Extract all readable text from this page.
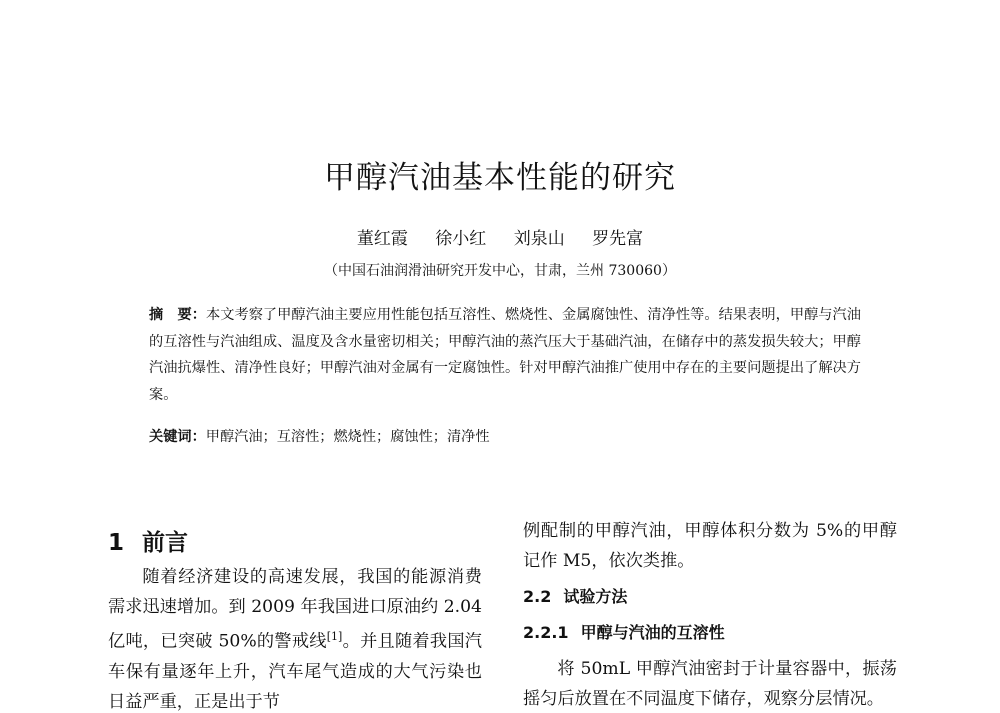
甲醇汽油基本性能的研究
董红霞 徐小红 刘泉山 罗先富
（中国石油润滑油研究开发中心，甘肃，兰州 730060）

摘　要：本文考察了甲醇汽油主要应用性能包括互溶性、燃烧性、金属腐蚀性、清净性等。结果表明，甲醇与汽油的互溶性与汽油组成、温度及含水量密切相关；甲醇汽油的蒸汽压大于基础汽油，在储存中的蒸发损失较大；甲醇汽油抗爆性、清净性良好；甲醇汽油对金属有一定腐蚀性。针对甲醇汽油推广使用中存在的主要问题提出了解决方案。

关键词：甲醇汽油；互溶性；燃烧性；腐蚀性；清净性
1 前言

随着经济建设的高速发展，我国的能源消费需求迅速增加。到 2009 年我国进口原油约 2.04 亿吨，已突破 50%的警戒线[1]。并且随着我国汽车保有量逐年上升，汽车尾气造成的大气污染也日益严重，正是出于节

例配制的甲醇汽油，甲醇体积分数为 5%的甲醇记作 M5，依次类推。

2.2 试验方法

2.2.1 甲醇与汽油的互溶性

将 50mL 甲醇汽油密封于计量容器中，振荡摇匀后放置在不同温度下储存，观察分层情况。
